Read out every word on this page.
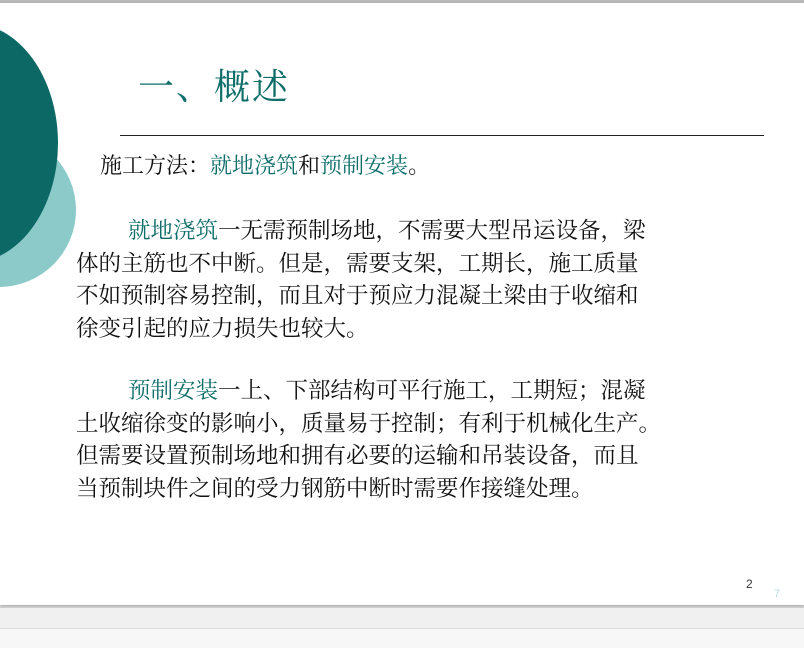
一、概述

施工方法：就地浇筑和预制安装。

就地浇筑一无需预制场地，不需要大型吊运设备，梁
体的主筋也不中断。但是，需要支架，工期长，施工质量
不如预制容易控制，而且对于预应力混凝土梁由于收缩和
徐变引起的应力损失也较大。

预制安装一上、下部结构可平行施工，工期短；混凝
土收缩徐变的影响小，质量易于控制；有利于机械化生产。
但需要设置预制场地和拥有必要的运输和吊装设备，而且
当预制块件之间的受力钢筋中断时需要作接缝处理。

2

7
